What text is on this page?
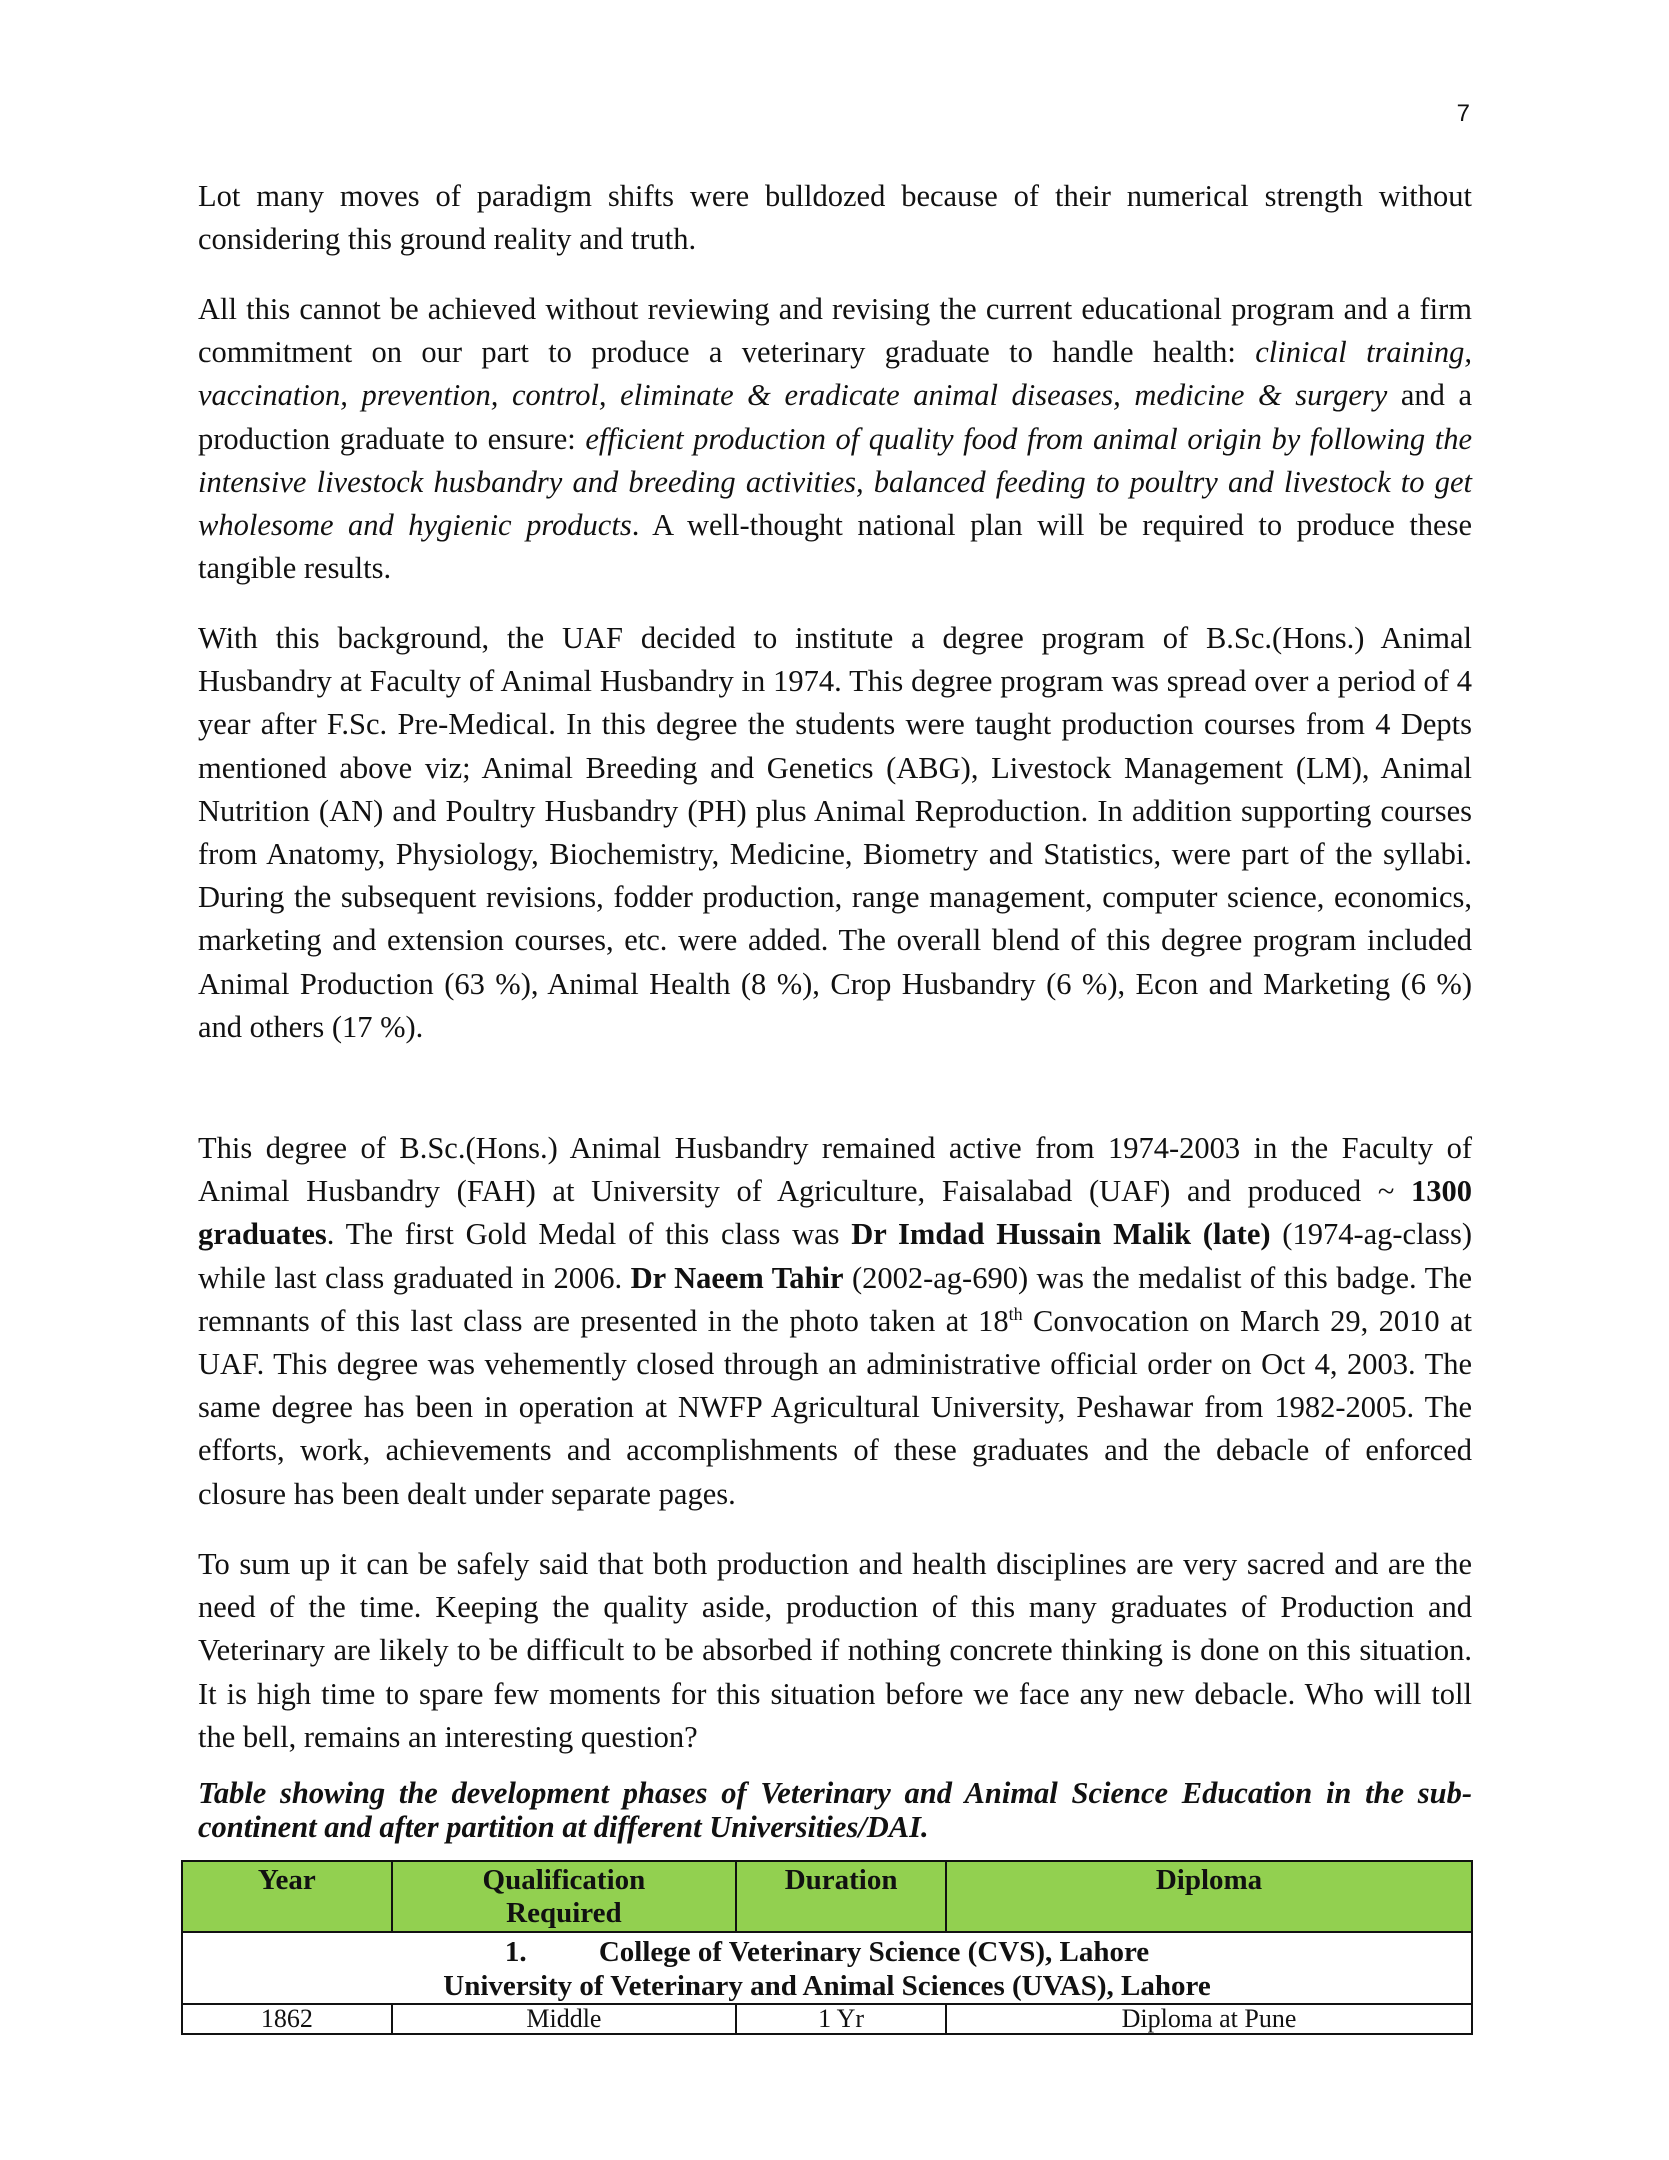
7

Lot many moves of paradigm shifts were bulldozed because of their numerical strength without considering this ground reality and truth.

All this cannot be achieved without reviewing and revising the current educational program and a firm commitment on our part to produce a veterinary graduate to handle health: clinical training, vaccination, prevention, control, eliminate & eradicate animal diseases, medicine & surgery and a production graduate to ensure: efficient production of quality food from animal origin by following the intensive livestock husbandry and breeding activities, balanced feeding to poultry and livestock to get wholesome and hygienic products. A well-thought national plan will be required to produce these tangible results.

With this background, the UAF decided to institute a degree program of B.Sc.(Hons.) Animal Husbandry at Faculty of Animal Husbandry in 1974. This degree program was spread over a period of 4 year after F.Sc. Pre-Medical. In this degree the students were taught production courses from 4 Depts mentioned above viz; Animal Breeding and Genetics (ABG), Livestock Management (LM), Animal Nutrition (AN) and Poultry Husbandry (PH) plus Animal Reproduction. In addition supporting courses from Anatomy, Physiology, Biochemistry, Medicine, Biometry and Statistics, were part of the syllabi. During the subsequent revisions, fodder production, range management, computer science, economics, marketing and extension courses, etc. were added. The overall blend of this degree program included Animal Production (63 %), Animal Health (8 %), Crop Husbandry (6 %), Econ and Marketing (6 %) and others (17 %).

This degree of B.Sc.(Hons.) Animal Husbandry remained active from 1974-2003 in the Faculty of Animal Husbandry (FAH) at University of Agriculture, Faisalabad (UAF) and produced ~ 1300 graduates. The first Gold Medal of this class was Dr Imdad Hussain Malik (late) (1974-ag-class) while last class graduated in 2006. Dr Naeem Tahir (2002-ag-690) was the medalist of this badge. The remnants of this last class are presented in the photo taken at 18th Convocation on March 29, 2010 at UAF. This degree was vehemently closed through an administrative official order on Oct 4, 2003. The same degree has been in operation at NWFP Agricultural University, Peshawar from 1982-2005. The efforts, work, achievements and accomplishments of these graduates and the debacle of enforced closure has been dealt under separate pages.

To sum up it can be safely said that both production and health disciplines are very sacred and are the need of the time. Keeping the quality aside, production of this many graduates of Production and Veterinary are likely to be difficult to be absorbed if nothing concrete thinking is done on this situation. It is high time to spare few moments for this situation before we face any new debacle. Who will toll the bell, remains an interesting question?

Table showing the development phases of Veterinary and Animal Science Education in the sub-continent and after partition at different Universities/DAI.

Year	Qualification Required	Duration	Diploma

1. College of Veterinary Science (CVS), Lahore
University of Veterinary and Animal Sciences (UVAS), Lahore			

1862	Middle	1 Yr	Diploma at Pune
